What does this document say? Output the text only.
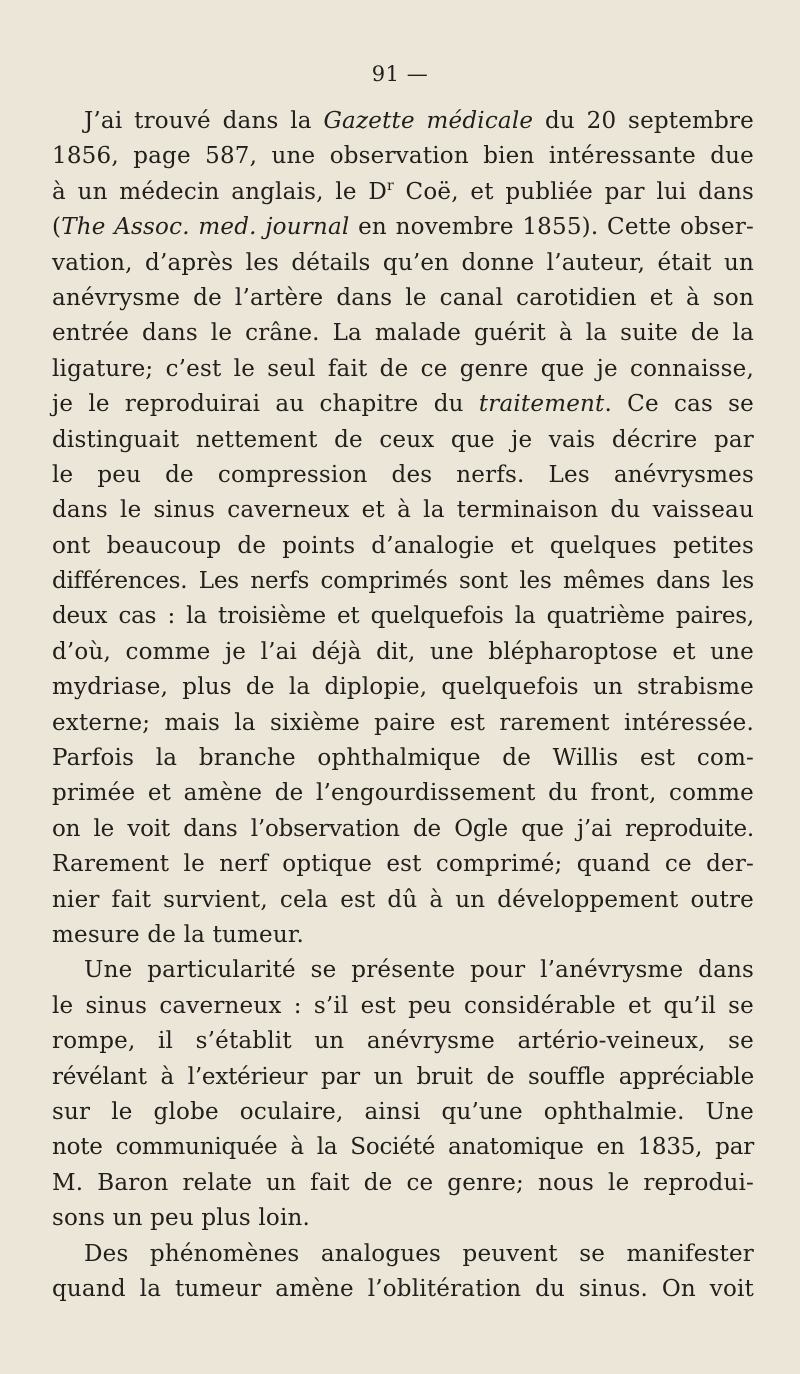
91 —
J’ai trouvé dans la Gazette médicale du 20 septembre
1856, page 587, une observation bien intéressante due
à un médecin anglais, le $D^r$ Coë, et publiée par lui dans
(The Assoc. med. journal en novembre 1855). Cette obser-
vation, d’après les détails qu’en donne l’auteur, était un
anévrysme de l’artère dans le canal carotidien et à son
entrée dans le crâne. La malade guérit à la suite de la
ligature; c’est le seul fait de ce genre que je connaisse,
je le reproduirai au chapitre du traitement. Ce cas se
distinguait nettement de ceux que je vais décrire par
le peu de compression des nerfs. Les anévrysmes
dans le sinus caverneux et à la terminaison du vaisseau
ont beaucoup de points d’analogie et quelques petites
différences. Les nerfs comprimés sont les mêmes dans les
deux cas : la troisième et quelquefois la quatrième paires,
d’où, comme je l’ai déjà dit, une blépharoptose et une
mydriase, plus de la diplopie, quelquefois un strabisme
externe; mais la sixième paire est rarement intéressée.
Parfois la branche ophthalmique de Willis est com-
primée et amène de l’engourdissement du front, comme
on le voit dans l’observation de Ogle que j’ai reproduite.
Rarement le nerf optique est comprimé; quand ce der-
nier fait survient, cela est dû à un développement outre
mesure de la tumeur.
Une particularité se présente pour l’anévrysme dans
le sinus caverneux : s’il est peu considérable et qu’il se
rompe, il s’établit un anévrysme artério-veineux, se
révélant à l’extérieur par un bruit de souffle appréciable
sur le globe oculaire, ainsi qu’une ophthalmie. Une
note communiquée à la Société anatomique en 1835, par
M. Baron relate un fait de ce genre; nous le reprodui-
sons un peu plus loin.
Des phénomènes analogues peuvent se manifester
quand la tumeur amène l’oblitération du sinus. On voit
